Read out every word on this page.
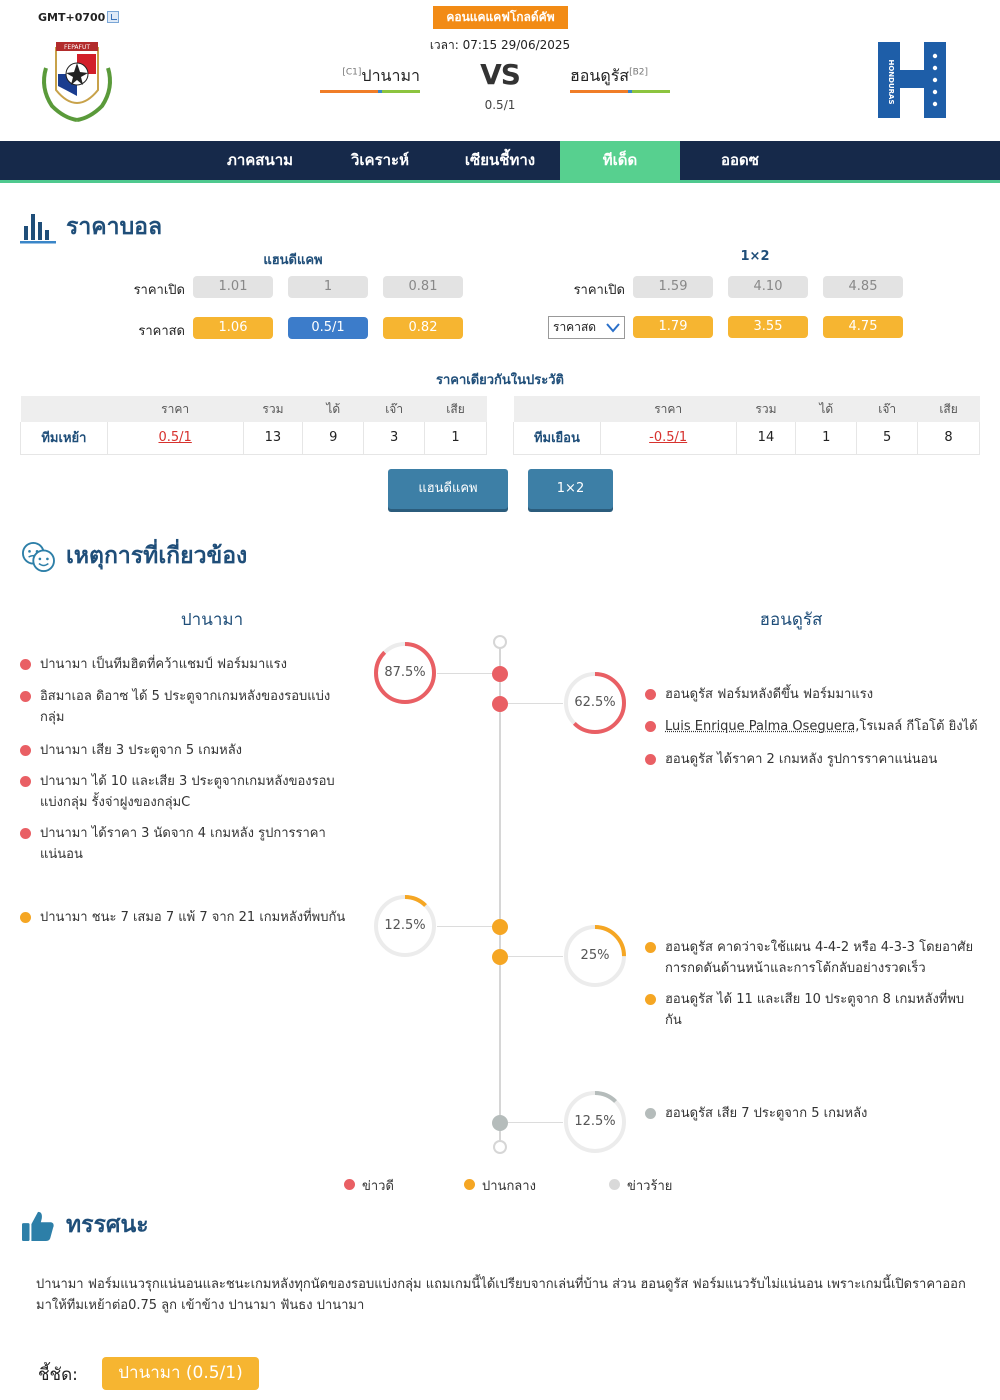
GMT+0700	คอนแคแคฟโกลด์คัพ
เวลา: 07:15 29/06/2025
FEPAFUT
[C1]ปานามา	VS
0.5/1
ฮอนดูรัส[B2]	HONDURAS
ภาคสนาม	วิเคราะห์	เซียนชี้ทาง	ทีเด็ด	ออดซ
ราคาบอล
แฮนดีแคพ	1×2
ราคาเปิด	1.01	1	0.81
ราคาสด	1.06	0.5/1	0.82
ราคาเปิด	1.59	4.10	4.85
ราคาสด	1.79	3.55	4.75
ราคาเดียวกันในประวัติ
	ราคา	รวม	ได้	เจ๊า	เสีย
ทีมเหย้า	0.5/1	13	9	3	1
	ราคา	รวม	ได้	เจ๊า	เสีย
ทีมเยือน	-0.5/1	14	1	5	8
แฮนดีแคพ	1×2
เหตุการที่เกี่ยวข้อง
ปานามา	ฮอนดูรัส
87.5%
62.5%
12.5%
25%
12.5%
ปานามา เป็นทีมฮิตที่คว้าแชมป์ ฟอร์มมาแรง
อิสมาเอล ดิอาซ ได้ 5 ประตูจากเกมหลังของรอบแบ่งกลุ่ม
ปานามา เสีย 3 ประตูจาก 5 เกมหลัง
ปานามา ได้ 10 และเสีย 3 ประตูจากเกมหลังของรอบแบ่งกลุ่ม รั้งจ่าฝูงของกลุ่มC
ปานามา ได้ราคา 3 นัดจาก 4 เกมหลัง รูปการราคาแน่นอน
ปานามา ชนะ 7 เสมอ 7 แพ้ 7 จาก 21 เกมหลังที่พบกัน
ฮอนดูรัส ฟอร์มหลังดีขึ้น ฟอร์มมาแรง
Luis Enrique Palma Oseguera,โรเมลล์ กีโอโต้ ยิงได้
ฮอนดูรัส ได้ราคา 2 เกมหลัง รูปการราคาแน่นอน
ฮอนดูรัส คาดว่าจะใช้แผน 4-4-2 หรือ 4-3-3 โดยอาศัยการกดดันด้านหน้าและการโต้กลับอย่างรวดเร็ว
ฮอนดูรัส ได้ 11 และเสีย 10 ประตูจาก 8 เกมหลังที่พบกัน
ฮอนดูรัส เสีย 7 ประตูจาก 5 เกมหลัง
ข่าวดี	ปานกลาง	ข่าวร้าย
ทรรศนะ
ปานามา ฟอร์มแนวรุกแน่นอนและชนะเกมหลังทุกนัดของรอบแบ่งกลุ่ม แถมเกมนี้ได้เปรียบจากเล่นที่บ้าน ส่วน ฮอนดูรัส ฟอร์มแนวรับไม่แน่นอน เพราะเกมนี้เปิดราคาออกมาให้ทีมเหย้าต่อ0.75 ลูก เข้าข้าง ปานามา ฟันธง ปานามา
ชี้ชัด:	ปานามา (0.5/1)
